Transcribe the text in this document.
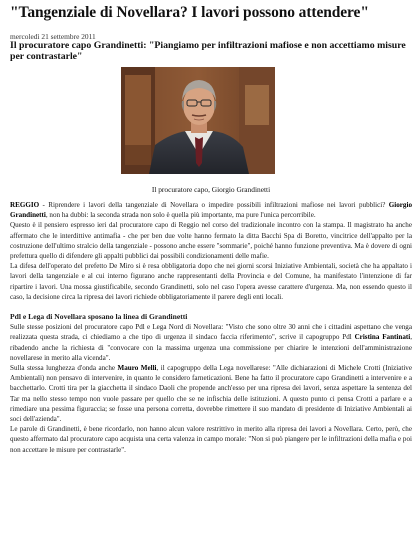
"Tangenziale di Novellara? I lavori possono attendere"
mercoledì 21 settembre 2011
Il procuratore capo Grandinetti: "Piangiamo per infiltrazioni mafiose e non accettiamo misure per contrastarle"
Il procuratore capo, Giorgio Grandinetti

REGGIO - Riprendere i lavori della tangenziale di Novellara o impedire possibili infiltrazioni mafiose nei lavori pubblici? Giorgio Grandinetti, non ha dubbi: la seconda strada non solo è quella più importante, ma pure l'unica percorribile.

Questo è il pensiero espresso ieri dal procuratore capo di Reggio nel corso del tradizionale incontro con la stampa. Il magistrato ha anche affermato che le interdittive antimafia - che per ben due volte hanno fermato la ditta Bacchi Spa di Boretto, vincitrice dell'appalto per la costruzione dell'ultimo stralcio della tangenziale - possono anche essere "sommarie", poiché hanno funzione preventiva. Ma è dovere di ogni prefettura quello di difendere gli appalti pubblici dai possibili condizionamenti delle mafie.

La difesa dell'operato del prefetto De Miro si è resa obbligatoria dopo che nei giorni scorsi Iniziative Ambientali, società che ha appaltato i lavori della tangenziale e al cui interno figurano anche rappresentanti della Provincia e del Comune, ha manifestato l'intenzione di far ripartire i lavori. Una mossa giustificabile, secondo Grandinetti, solo nel caso l'opera avesse carattere d'urgenza. Ma, non essendo questo il caso, la decisione circa la ripresa dei lavori richiede obbligatoriamente il parere degli enti locali.

Pdl e Lega di Novellara sposano la linea di Grandinetti

Sulle stesse posizioni del procuratore capo Pdl e Lega Nord di Novellara: "Visto che sono oltre 30 anni che i cittadini aspettano che venga realizzata questa strada, ci chiediamo a che tipo di urgenza il sindaco faccia riferimento", scrive il capogruppo Pdl Cristina Fantinati, ribadendo anche la richiesta di "convocare con la massima urgenza una commissione per chiarire le intenzioni dell'amministrazione novellarese in merito alla vicenda".

Sulla stessa lunghezza d'onda anche Mauro Melli, il capogruppo della Lega novellarese: "Alle dichiarazioni di Michele Crotti (Iniziative Ambientali) non pensavo di intervenire, in quanto le considero farneticazioni. Bene ha fatto il procuratore capo Grandinetti a intervenire e a bacchettarlo. Crotti tira per la giacchetta il sindaco Daoli che propende anch'esso per una ripresa dei lavori, senza aspettare la sentenza del Tar ma nello stesso tempo non vuole passare per quello che se ne infischia delle istituzioni. A questo punto ci pensa Crotti a parlare e a rimediare una pessima figuraccia; se fosse una persona corretta, dovrebbe rimettere il suo mandato di presidente di Iniziative Ambientali ai soci dell'azienda".

Le parole di Grandinetti, è bene ricordarlo, non hanno alcun valore restrittivo in merito alla ripresa dei lavori a Novellara. Certo, però, che questo affermato dal procuratore capo acquista una certa valenza in campo morale: "Non si può piangere per le infiltrazioni della mafia e poi non accettare le misure per contrastarle".
